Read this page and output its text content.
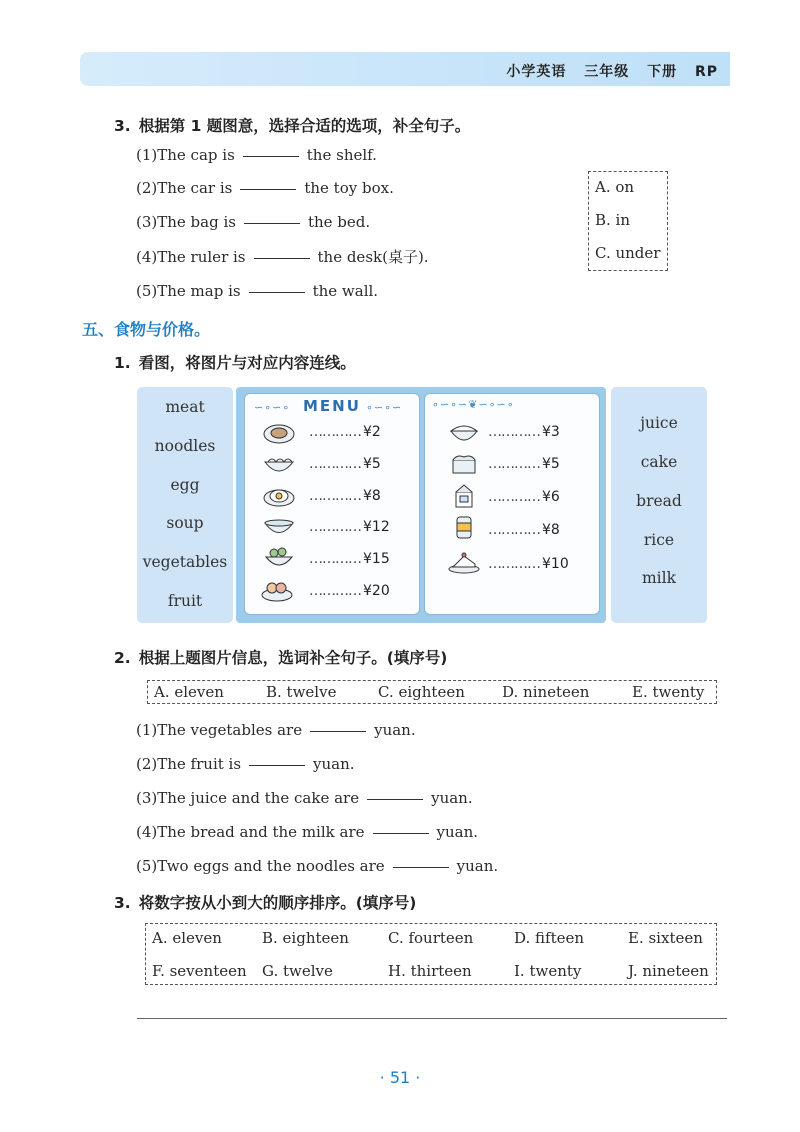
小学英语 三年级 下册 RP
3. 根据第 1 题图意，选择合适的选项，补全句子。
(1)The cap is	the shelf.
(2)The car is	the toy box.
(3)The bag is	the bed.
(4)The ruler is	the desk(桌子).
(5)The map is	the wall.
A. on
B. in
C. under
五、食物与价格。
1. 看图，将图片与对应内容连线。
meat
noodles
egg
soup
vegetables
fruit
∽∘∽∘ MENU ∘∽∘∽	∘∽∘∽❦∽∘∽∘
………… ¥2
………… ¥5
………… ¥8
………… ¥12
………… ¥15
………… ¥20
………… ¥3
………… ¥5
………… ¥6
………… ¥8
………… ¥10
juice
cake
bread
rice
milk
2. 根据上题图片信息，选词补全句子。(填序号)
A. eleven	B. twelve	C. eighteen D. nineteen	E. twenty
(1)The vegetables are	yuan.
(2)The fruit is	yuan.
(3)The juice and the cake are	yuan.
(4)The bread and the milk are	yuan.
(5)Two eggs and the noodles are	yuan.
3. 将数字按从小到大的顺序排序。(填序号)
A. eleven	B. eighteen	C. fourteen	D. fifteen	E. sixteen
F. seventeen G. twelve	H. thirteen	I. twenty	J. nineteen
· 51 ·
